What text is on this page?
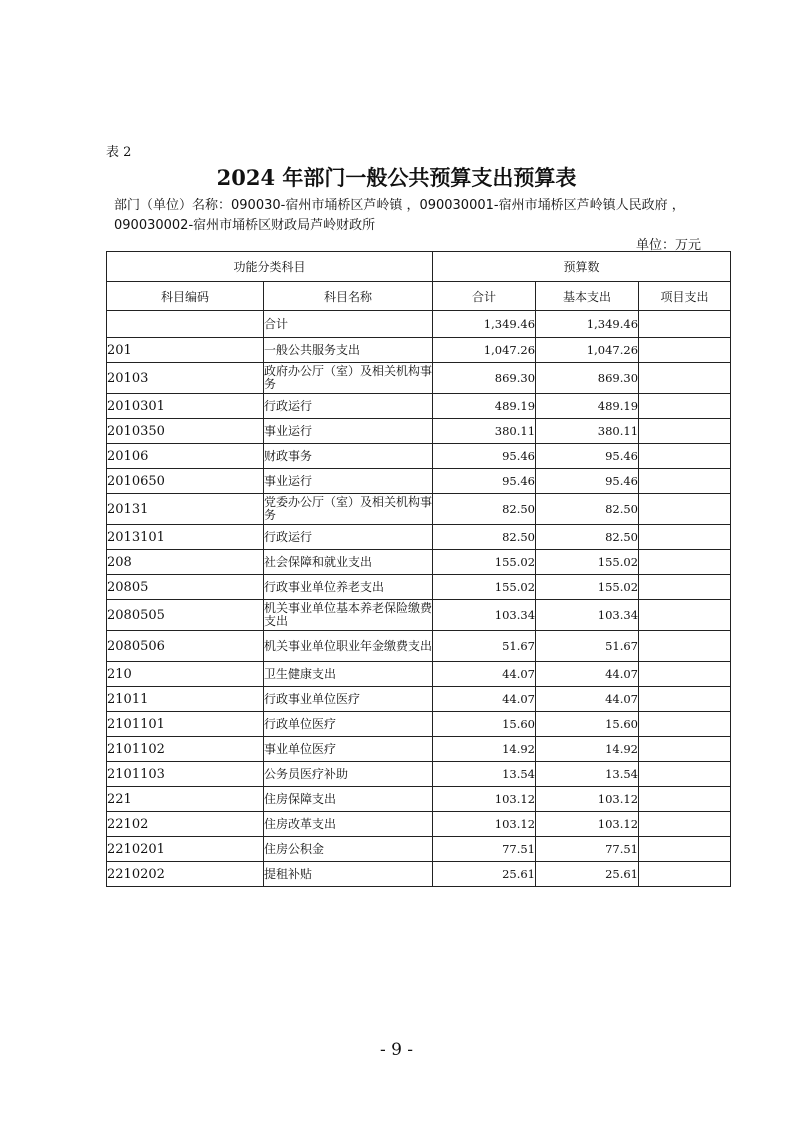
表 2
2024 年部门一般公共预算支出预算表
部门（单位）名称：090030-宿州市埇桥区芦岭镇 ，090030001-宿州市埇桥区芦岭镇人民政府 ，
090030002-宿州市埇桥区财政局芦岭财政所
单位：万元
功能分类科目		预算数		
科目编码	科目名称	合计	基本支出	项目支出
	合计	1,349.46	1,349.46	
201	一般公共服务支出	1,047.26	1,047.26	
20103	政府办公厅（室）及相关机构事务	869.30	869.30	
2010301	行政运行	489.19	489.19	
2010350	事业运行	380.11	380.11	
20106	财政事务	95.46	95.46	
2010650	事业运行	95.46	95.46	
20131	党委办公厅（室）及相关机构事务	82.50	82.50	
2013101	行政运行	82.50	82.50	
208	社会保障和就业支出	155.02	155.02	
20805	行政事业单位养老支出	155.02	155.02	
2080505	机关事业单位基本养老保险缴费支出	103.34	103.34	
2080506	机关事业单位职业年金缴费支出	51.67	51.67	
210	卫生健康支出	44.07	44.07	
21011	行政事业单位医疗	44.07	44.07	
2101101	行政单位医疗	15.60	15.60	
2101102	事业单位医疗	14.92	14.92	
2101103	公务员医疗补助	13.54	13.54	
221	住房保障支出	103.12	103.12	
22102	住房改革支出	103.12	103.12	
2210201	住房公积金	77.51	77.51	
2210202	提租补贴	25.61	25.61	
- 9 -
